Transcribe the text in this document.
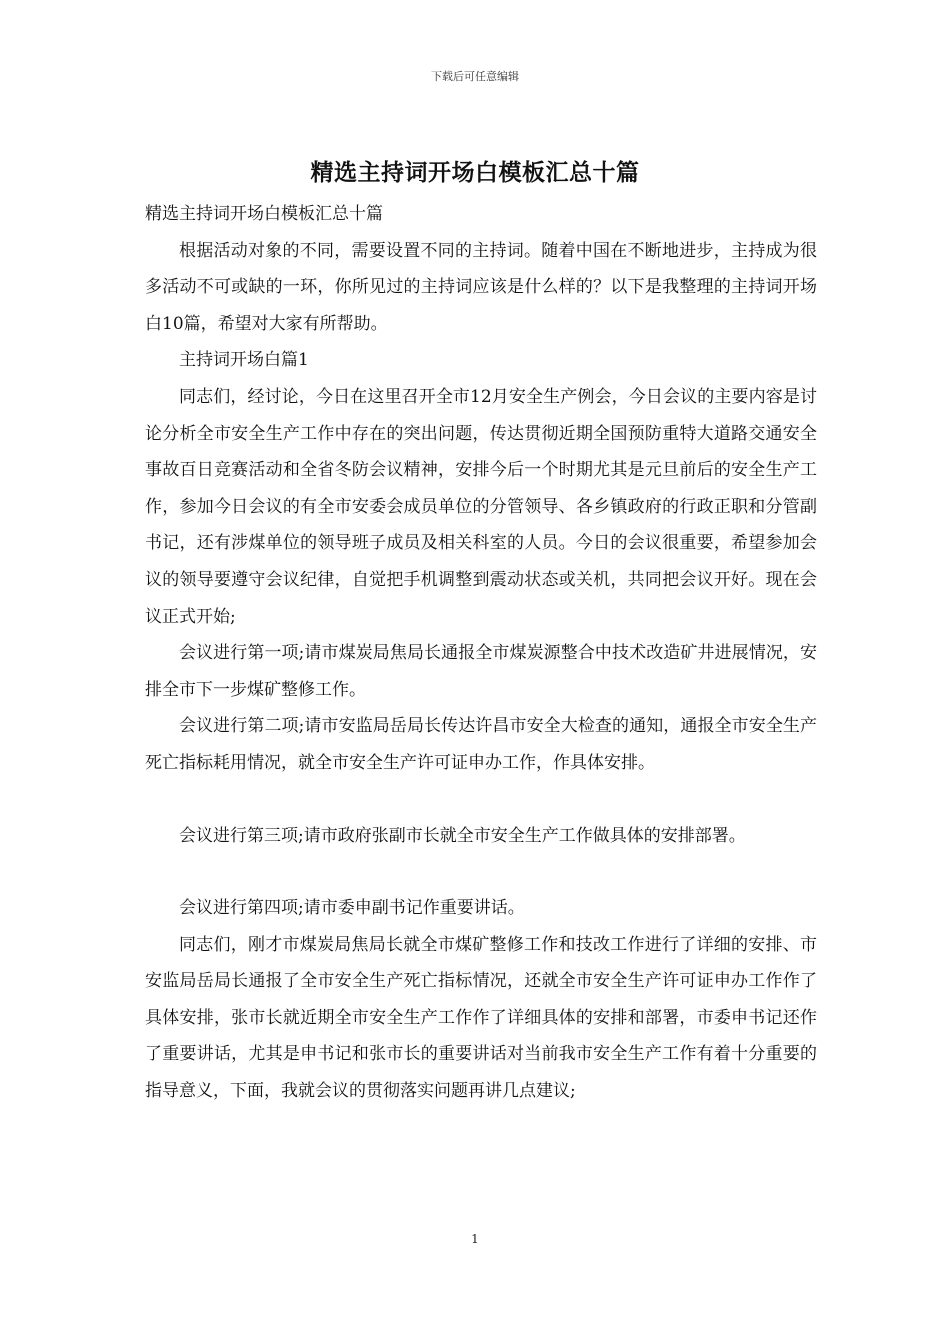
下载后可任意编辑
精选主持词开场白模板汇总十篇

精选主持词开场白模板汇总十篇

根据活动对象的不同，需要设置不同的主持词。随着中国在不断地进步，主持成为很多活动不可或缺的一环，你所见过的主持词应该是什么样的？以下是我整理的主持词开场白10篇，希望对大家有所帮助。

主持词开场白篇1

同志们，经讨论，今日在这里召开全市12月安全生产例会，今日会议的主要内容是讨论分析全市安全生产工作中存在的突出问题，传达贯彻近期全国预防重特大道路交通安全事故百日竞赛活动和全省冬防会议精神，安排今后一个时期尤其是元旦前后的安全生产工作，参加今日会议的有全市安委会成员单位的分管领导、各乡镇政府的行政正职和分管副书记，还有涉煤单位的领导班子成员及相关科室的人员。今日的会议很重要，希望参加会议的领导要遵守会议纪律，自觉把手机调整到震动状态或关机，共同把会议开好。现在会议正式开始;

会议进行第一项;请市煤炭局焦局长通报全市煤炭源整合中技术改造矿井进展情况，安排全市下一步煤矿整修工作。

会议进行第二项;请市安监局岳局长传达许昌市安全大检查的通知，通报全市安全生产死亡指标耗用情况，就全市安全生产许可证申办工作，作具体安排。

会议进行第三项;请市政府张副市长就全市安全生产工作做具体的安排部署。

会议进行第四项;请市委申副书记作重要讲话。

同志们，刚才市煤炭局焦局长就全市煤矿整修工作和技改工作进行了详细的安排、市安监局岳局长通报了全市安全生产死亡指标情况，还就全市安全生产许可证申办工作作了具体安排，张市长就近期全市安全生产工作作了详细具体的安排和部署，市委申书记还作了重要讲话，尤其是申书记和张市长的重要讲话对当前我市安全生产工作有着十分重要的指导意义，下面，我就会议的贯彻落实问题再讲几点建议;

1
